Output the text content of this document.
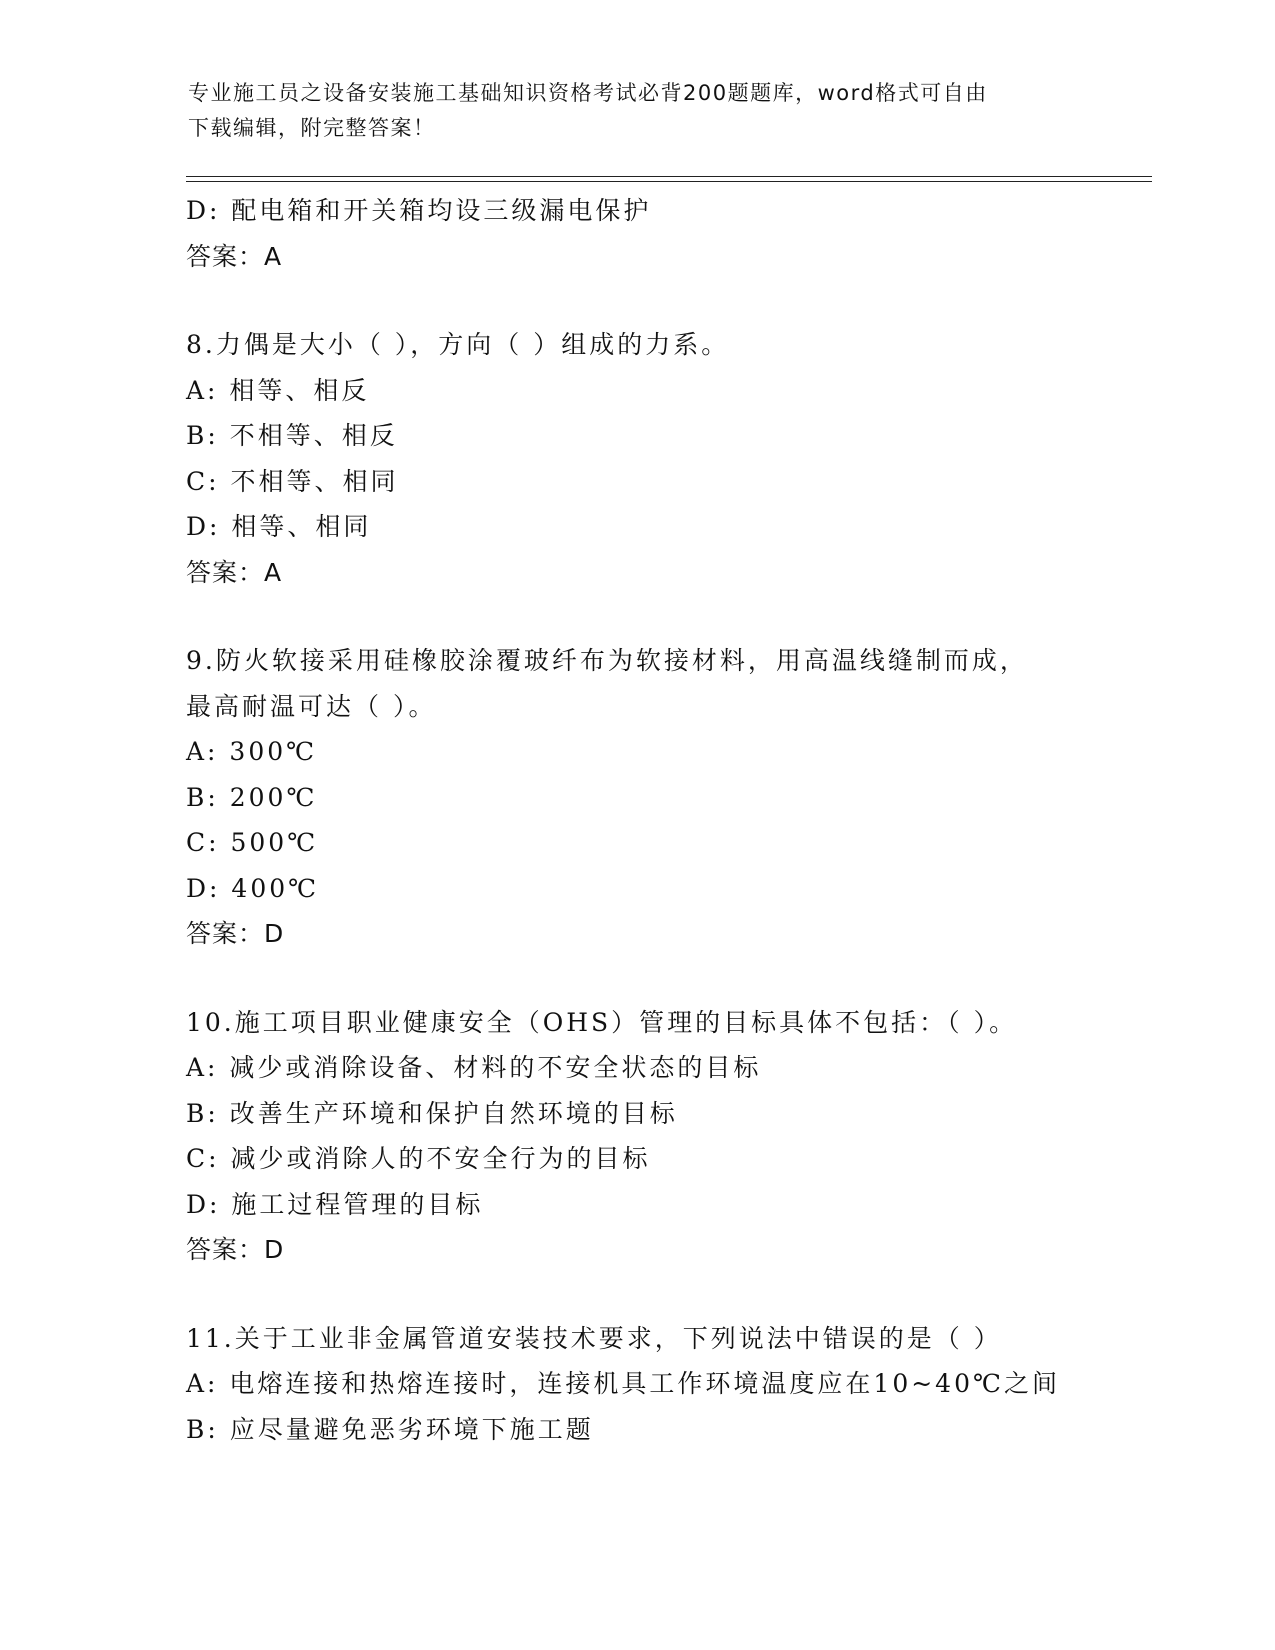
专业施工员之设备安装施工基础知识资格考试必背200题题库，word格式可自由
下载编辑，附完整答案！
D: 配电箱和开关箱均设三级漏电保护
答案：A
8.力偶是大小（ ），方向（ ）组成的力系。
A: 相等、相反
B: 不相等、相反
C: 不相等、相同
D: 相等、相同
答案：A
9.防火软接采用硅橡胶涂覆玻纤布为软接材料，用高温线缝制而成，
最高耐温可达（ ）。
A: 300℃
B: 200℃
C: 500℃
D: 400℃
答案：D
10.施工项目职业健康安全（OHS）管理的目标具体不包括：（ ）。
A: 减少或消除设备、材料的不安全状态的目标
B: 改善生产环境和保护自然环境的目标
C: 减少或消除人的不安全行为的目标
D: 施工过程管理的目标
答案：D
11.关于工业非金属管道安装技术要求，下列说法中错误的是（ ）
A: 电熔连接和热熔连接时，连接机具工作环境温度应在10~40℃之间
B: 应尽量避免恶劣环境下施工题
